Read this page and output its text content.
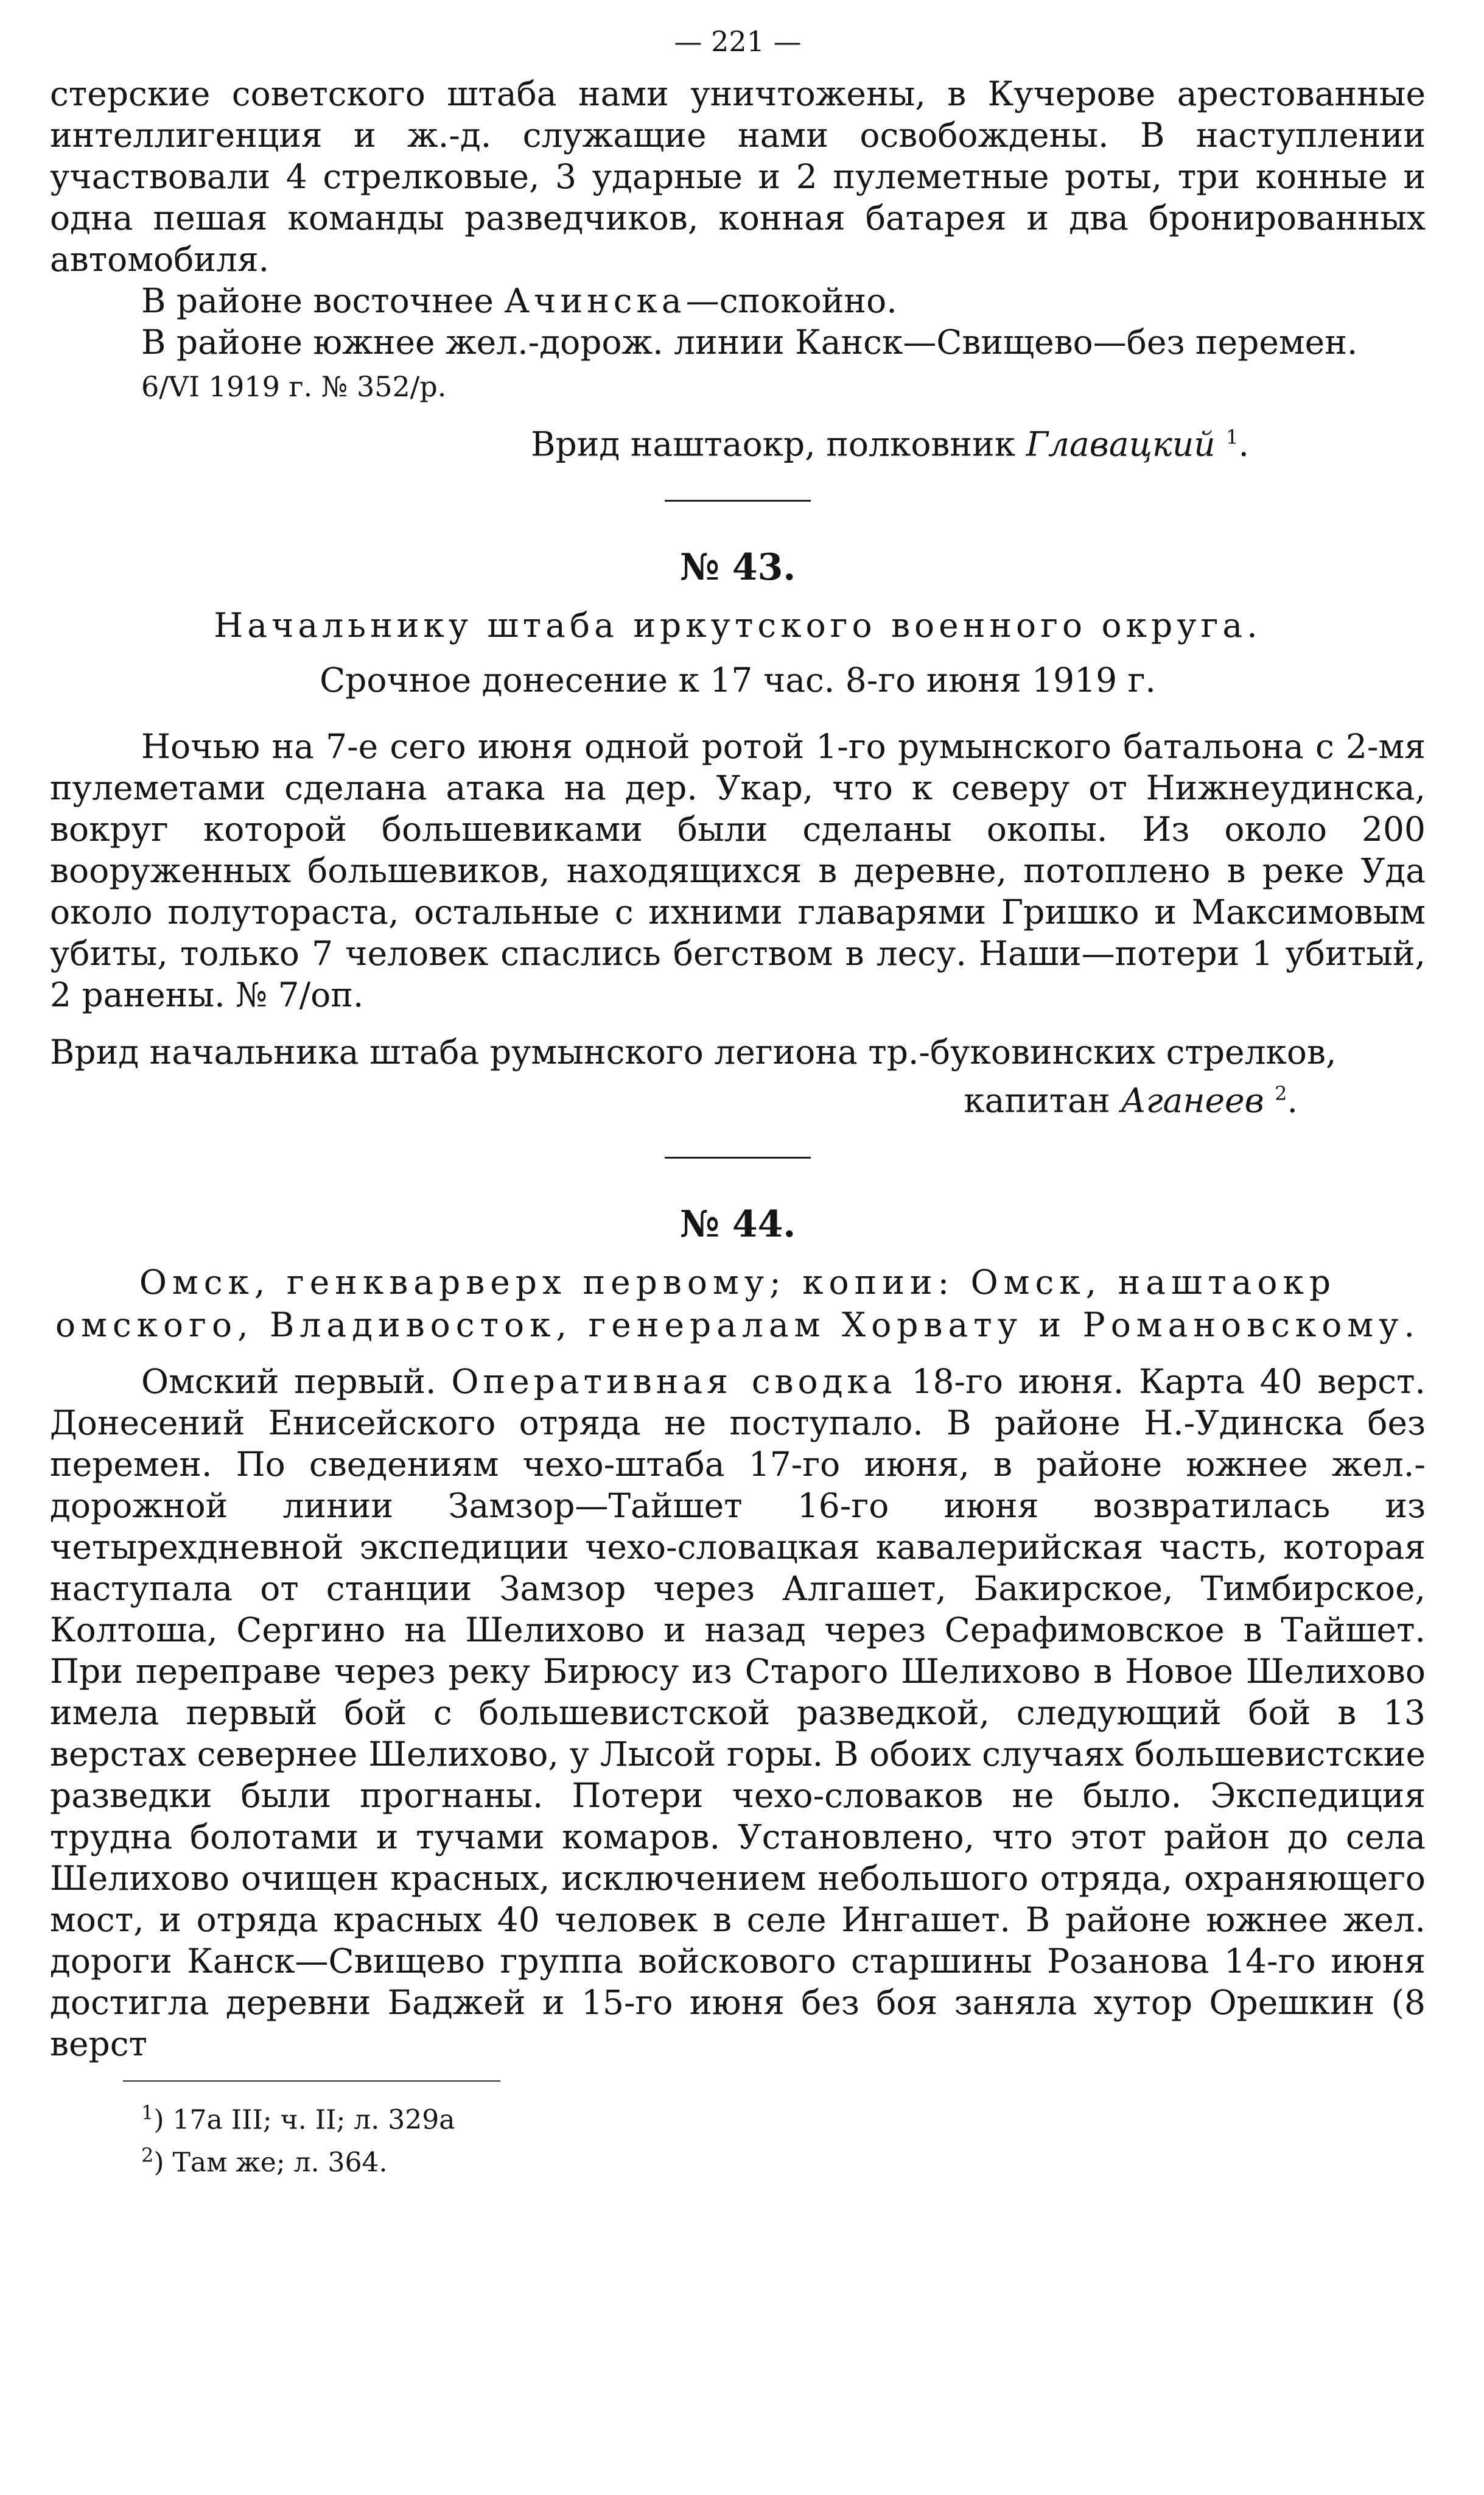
— 221 —

стерские советского штаба нами уничтожены, в Кучерове арестованные интеллигенция и ж.-д. служащие нами освобождены. В наступлении участвовали 4 стрелковые, 3 ударные и 2 пулеметные роты, три конные и одна пешая команды разведчиков, конная батарея и два бронированных автомобиля.

В районе восточнее Ачинска—спокойно.

В районе южнее жел.-дорож. линии Канск—Свищево—без перемен.

6/VI 1919 г. № 352/р.

Врид наштаокр, полковник Главацкий $^1$.

№ 43.

Начальнику штаба иркутского военного округа.

Срочное донесение к 17 час. 8-го июня 1919 г.

Ночью на 7-е сего июня одной ротой 1-го румынского батальона с 2-мя пулеметами сделана атака на дер. Укар, что к северу от Нижнеудинска, вокруг которой большевиками были сделаны окопы. Из около 200 вооруженных большевиков, находящихся в деревне, потоплено в реке Уда около полутораста, остальные с ихними главарями Гришко и Максимовым убиты, только 7 человек спаслись бегством в лесу. Наши—потери 1 убитый, 2 ранены. № 7/оп.

Врид начальника штаба румынского легиона тр.-буковинских стрелков,
капитан Аганеев $^2$.

№ 44.

Омск, генкварверх первому; копии: Омск, наштаокр омского, Владивосток, генералам Хорвату и Романовскому.

Омский первый. Оперативная сводка 18-го июня. Карта 40 верст. Донесений Енисейского отряда не поступало. В районе Н.-Удинска без перемен. По сведениям чехо-штаба 17-го июня, в районе южнее жел.-дорожной линии Замзор—Тайшет 16-го июня возвратилась из четырехдневной экспедиции чехо-словацкая кавалерийская часть, которая наступала от станции Замзор через Алгашет, Бакирское, Тимбирское, Колтоша, Сергино на Шелихово и назад через Серафимовское в Тайшет. При переправе через реку Бирюсу из Старого Шелихово в Новое Шелихово имела первый бой с большевистской разведкой, следующий бой в 13 верстах севернее Шелихово, у Лысой горы. В обоих случаях большевистские разведки были прогнаны. Потери чехо-словаков не было. Экспедиция трудна болотами и тучами комаров. Установлено, что этот район до села Шелихово очищен красных, исключением небольшого отряда, охраняющего мост, и отряда красных 40 человек в селе Ингашет. В районе южнее жел. дороги Канск—Свищево группа войскового старшины Розанова 14-го июня достигла деревни Баджей и 15-го июня без боя заняла хутор Орешкин (8 верст

$^1$) 17а III; ч. II; л. 329а

$^2$) Там же; л. 364.
